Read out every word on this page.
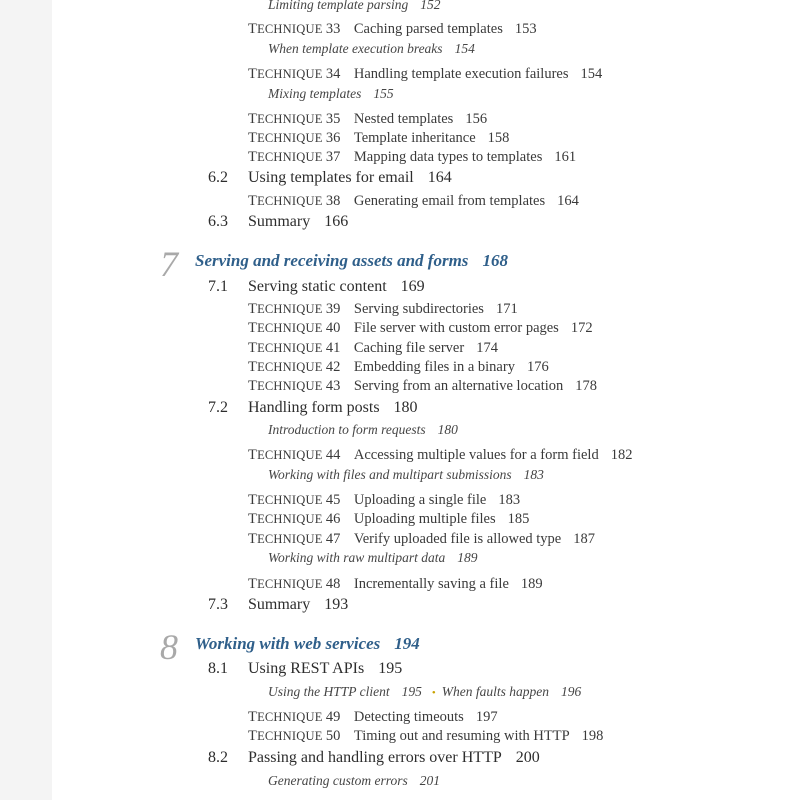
Limiting template parsing 152
TECHNIQUE 33 Caching parsed templates 153
When template execution breaks 154
TECHNIQUE 34 Handling template execution failures 154
Mixing templates 155
TECHNIQUE 35 Nested templates 156
TECHNIQUE 36 Template inheritance 158
TECHNIQUE 37 Mapping data types to templates 161
6.2 Using templates for email 164
TECHNIQUE 38 Generating email from templates 164
6.3 Summary 166
7 Serving and receiving assets and forms 168
7.1 Serving static content 169
TECHNIQUE 39 Serving subdirectories 171
TECHNIQUE 40 File server with custom error pages 172
TECHNIQUE 41 Caching file server 174
TECHNIQUE 42 Embedding files in a binary 176
TECHNIQUE 43 Serving from an alternative location 178
7.2 Handling form posts 180
Introduction to form requests 180
TECHNIQUE 44 Accessing multiple values for a form field 182
Working with files and multipart submissions 183
TECHNIQUE 45 Uploading a single file 183
TECHNIQUE 46 Uploading multiple files 185
TECHNIQUE 47 Verify uploaded file is allowed type 187
Working with raw multipart data 189
TECHNIQUE 48 Incrementally saving a file 189
7.3 Summary 193
8 Working with web services 194
8.1 Using REST APIs 195
Using the HTTP client 195 • When faults happen 196
TECHNIQUE 49 Detecting timeouts 197
TECHNIQUE 50 Timing out and resuming with HTTP 198
8.2 Passing and handling errors over HTTP 200
Generating custom errors 201
